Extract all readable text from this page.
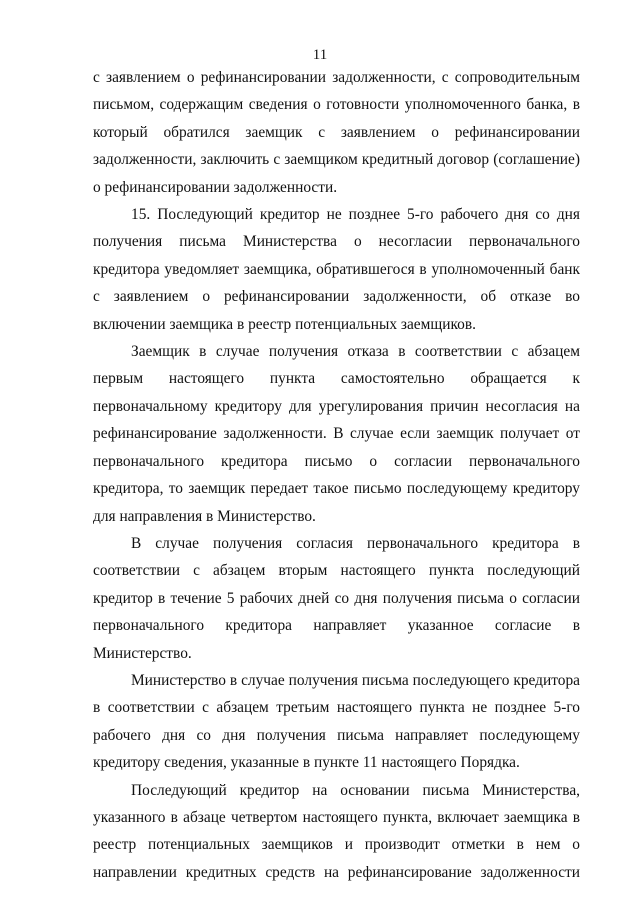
11

с заявлением о рефинансировании задолженности, с сопроводительным письмом, содержащим сведения о готовности уполномоченного банка, в который обратился заемщик с заявлением о рефинансировании задолженности, заключить с заемщиком кредитный договор (соглашение) о рефинансировании задолженности.

15. Последующий кредитор не позднее 5-го рабочего дня со дня получения письма Министерства о несогласии первоначального кредитора уведомляет заемщика, обратившегося в уполномоченный банк с заявлением о рефинансировании задолженности, об отказе во включении заемщика в реестр потенциальных заемщиков.

Заемщик в случае получения отказа в соответствии с абзацем первым настоящего пункта самостоятельно обращается к первоначальному кредитору для урегулирования причин несогласия на рефинансирование задолженности. В случае если заемщик получает от первоначального кредитора письмо о согласии первоначального кредитора, то заемщик передает такое письмо последующему кредитору для направления в Министерство.

В случае получения согласия первоначального кредитора в соответствии с абзацем вторым настоящего пункта последующий кредитор в течение 5 рабочих дней со дня получения письма о согласии первоначального кредитора направляет указанное согласие в Министерство.

Министерство в случае получения письма последующего кредитора в соответствии с абзацем третьим настоящего пункта не позднее 5-го рабочего дня со дня получения письма направляет последующему кредитору сведения, указанные в пункте 11 настоящего Порядка.

Последующий кредитор на основании письма Министерства, указанного в абзаце четвертом настоящего пункта, включает заемщика в реестр потенциальных заемщиков и производит отметки в нем о направлении кредитных средств на рефинансирование задолженности
